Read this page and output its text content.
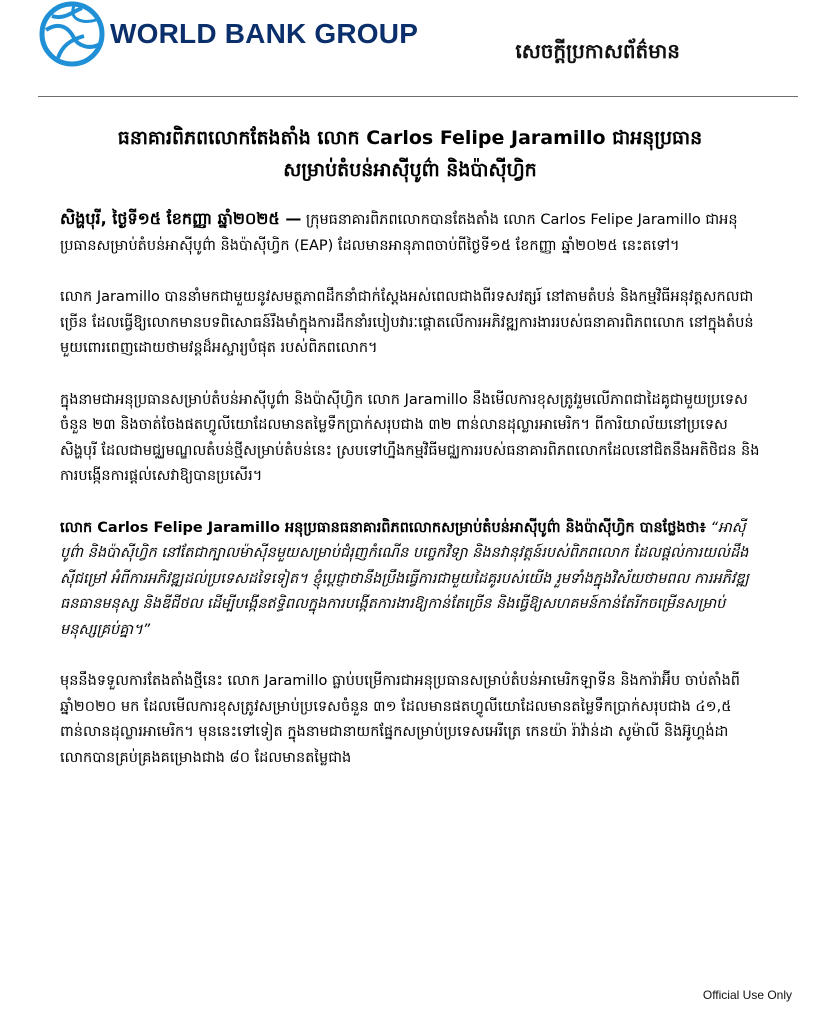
WORLD BANK GROUP
សេចក្តីប្រកាសព័ត៌មាន
ធនាគារពិភពលោកតែងតាំង លោក Carlos Felipe Jaramillo ជាអនុប្រធាន
សម្រាប់តំបន់អាស៊ីបូព៌ា និងប៉ាស៊ីហ្វិក

សិង្ហបុរី, ថ្ងៃទី១៥ ខែកញ្ញា ឆ្នាំ២០២៥ — ក្រុមធនាគារពិភពលោកបានតែងតាំង លោក Carlos Felipe Jaramillo ជាអនុប្រធានសម្រាប់តំបន់អាស៊ីបូព៌ា និងប៉ាស៊ីហ្វិក (EAP) ដែលមានអានុភាពចាប់ពីថ្ងៃទី១៥ ខែកញ្ញា ឆ្នាំ២០២៥ នេះតទៅ។

លោក Jaramillo បាននាំមកជាមួយនូវសមត្ថភាពដឹកនាំជាក់ស្តែងអស់ពេលជាងពីរទសវត្សរ៍ នៅតាមតំបន់ និងកម្មវិធីអនុវត្តសកលជាច្រើន ដែលធ្វើឱ្យលោកមានបទពិសោធន៍រឹងមាំក្នុងការដឹកនាំរបៀបវារៈផ្តោតលើការអភិវឌ្ឍការងាររបស់ធនាគារពិភពលោក នៅក្នុងតំបន់មួយពោរពេញដោយថាមវន្តដ៏អស្ចារ្យបំផុត របស់ពិភពលោក។

ក្នុងនាមជាអនុប្រធានសម្រាប់តំបន់អាស៊ីបូព៌ា និងប៉ាស៊ីហ្វិក លោក Jaramillo នឹងមើលការខុសត្រូវរួមលើភាពជាដៃគូជាមួយប្រទេសចំនួន ២៣ និងចាត់ចែងផតហ្វូលីយោដែលមានតម្លៃទឹកប្រាក់សរុបជាង ៣២ ពាន់លានដុល្លារអាមេរិក។ ពីការិយាល័យនៅប្រទេសសិង្ហបុរី ដែលជាមជ្ឈមណ្ឌលតំបន់ថ្មីសម្រាប់តំបន់នេះ ស្របទៅហ្នឹងកម្មវិធីមជ្ឈការរបស់ធនាគារពិភពលោកដែលនៅជិតនឹងអតិថិជន និងការបង្កើនការផ្តល់សេវាឱ្យបានប្រសើរ។

លោក Carlos Felipe Jaramillo អនុប្រធានធនាគារពិភពលោកសម្រាប់តំបន់អាស៊ីបូព៌ា និងប៉ាស៊ីហ្វិក បានថ្លែងថា៖ “អាស៊ីបូព៌ា និងប៉ាស៊ីហ្វិក នៅតែជាក្បាលម៉ាស៊ីនមួយសម្រាប់ជំរុញកំណើន បច្ចេកវិទ្យា និងនវានុវត្តន៍របស់ពិភពលោក ដែលផ្តល់ការយល់ដឹងស៊ីជម្រៅ អំពីការអភិវឌ្ឍដល់ប្រទេសដទៃទៀត។ ខ្ញុំប្តេជ្ញាថានឹងប្រឹងធ្វើការជាមួយដៃគូរបស់យើង រួមទាំងក្នុងវិស័យថាមពល ការអភិវឌ្ឍធនធានមនុស្ស និងឌីជីថល ដើម្បីបង្កើនឥទ្ធិពលក្នុងការបង្កើតការងារឱ្យកាន់តែច្រើន និងធ្វើឱ្យសហគមន៍កាន់តែរីកចម្រើនសម្រាប់មនុស្សគ្រប់គ្នា។”

មុននឹងទទួលការតែងតាំងថ្មីនេះ លោក Jaramillo ធ្លាប់បម្រើការជាអនុប្រធានសម្រាប់តំបន់អាមេរិកឡាទីន និងការ៉ាអ៊ីប ចាប់តាំងពីឆ្នាំ២០២០ មក ដែលមើលការខុសត្រូវសម្រាប់ប្រទេសចំនួន ៣១ ដែលមានផតហ្វូលីយោដែលមានតម្លៃទឹកប្រាក់សរុបជាង ៤១,៥ ពាន់លានដុល្លារអាមេរិក។ មុននេះទៅទៀត ក្នុងនាមជានាយកផ្នែកសម្រាប់ប្រទេសអេរីត្រេ កេនយ៉ា រ៉ាវ៉ាន់ដា សូម៉ាលី និងអ៊ូហ្គង់ដា លោកបានគ្រប់គ្រងគម្រោងជាង ៨០ ដែលមានតម្លៃជាង

Official Use Only
